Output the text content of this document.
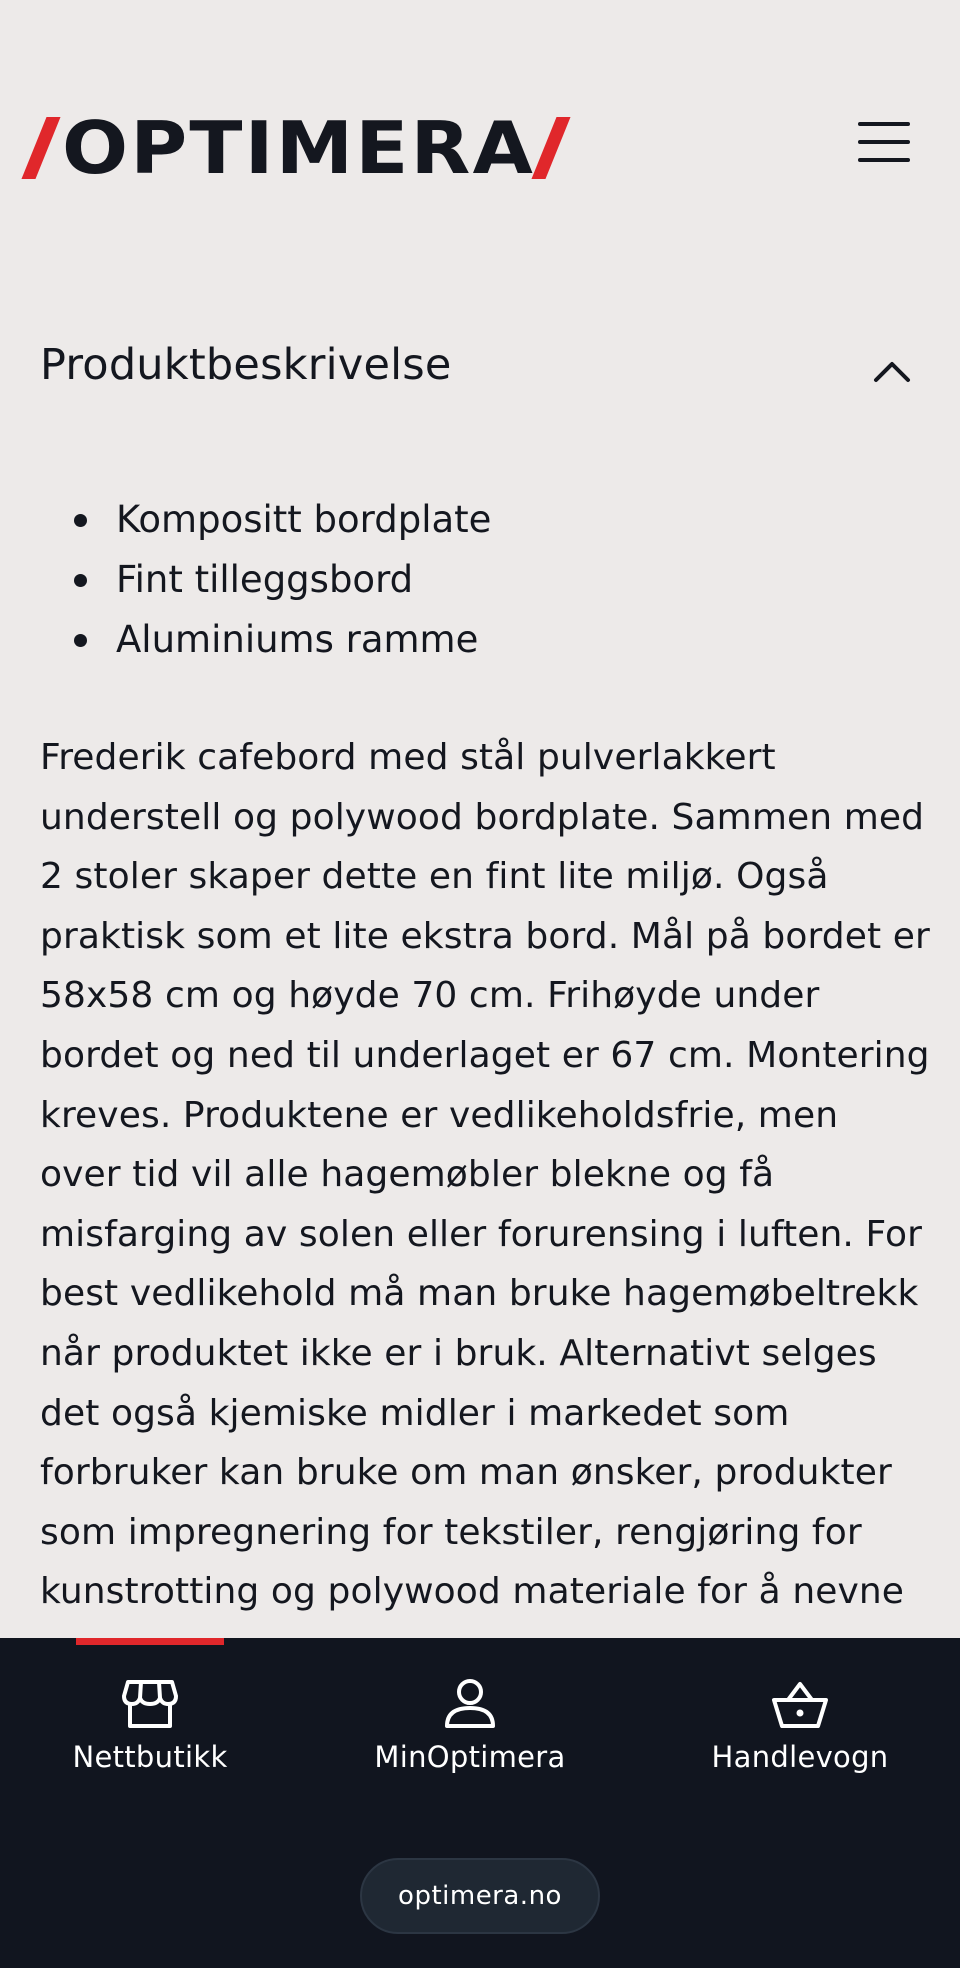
OPTIMERA
Produktbeskrivelse
Kompositt bordplate
Fint tilleggsbord
Aluminiums ramme

Frederik cafebord med stål pulverlakkert understell og polywood bordplate. Sammen med 2 stoler skaper dette en fint lite miljø. Også praktisk som et lite ekstra bord. Mål på bordet er 58x58 cm og høyde 70 cm. Frihøyde under bordet og ned til underlaget er 67 cm. Montering kreves. Produktene er vedlikeholdsfrie, men over tid vil alle hagemøbler blekne og få misfarging av solen eller forurensing i luften. For best vedlikehold må man bruke hagemøbeltrekk når produktet ikke er i bruk. Alternativt selges det også kjemiske midler i markedet som forbruker kan bruke om man ønsker, produkter som impregnering for tekstiler, rengjøring for kunstrotting og polywood materiale for å nevne

Nettbutikk	MinOptimera	Handlevogn
optimera.no
